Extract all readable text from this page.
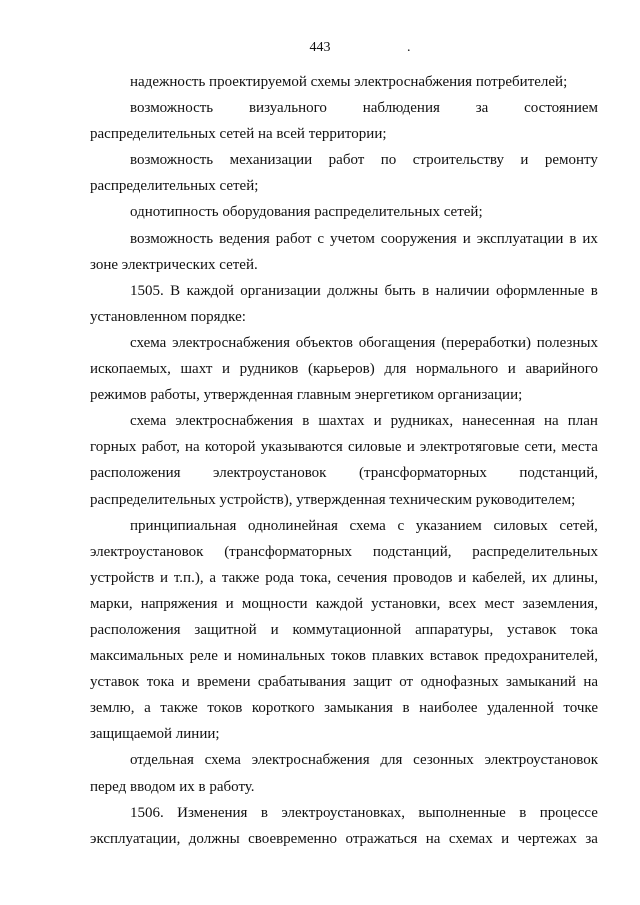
443	.
надежность проектируемой схемы электроснабжения потребителей;
возможность визуального наблюдения за состоянием
распределительных сетей на всей территории;
возможность механизации работ по строительству и ремонту
распределительных сетей;
однотипность оборудования распределительных сетей;
возможность ведения работ с учетом сооружения и эксплуатации в их
зоне электрических сетей.
1505. В каждой организации должны быть в наличии оформленные в
установленном порядке:
схема электроснабжения объектов обогащения (переработки) полезных
ископаемых, шахт и рудников (карьеров) для нормального и аварийного
режимов работы, утвержденная главным энергетиком организации;
схема электроснабжения в шахтах и рудниках, нанесенная на план
горных работ, на которой указываются силовые и электротяговые сети, места
расположения электроустановок (трансформаторных подстанций,
распределительных устройств), утвержденная техническим руководителем;
принципиальная однолинейная схема с указанием силовых сетей,
электроустановок (трансформаторных подстанций, распределительных
устройств и т.п.), а также рода тока, сечения проводов и кабелей, их длины,
марки, напряжения и мощности каждой установки, всех мест заземления,
расположения защитной и коммутационной аппаратуры, уставок тока
максимальных реле и номинальных токов плавких вставок предохранителей,
уставок тока и времени срабатывания защит от однофазных замыканий на
землю, а также токов короткого замыкания в наиболее удаленной точке
защищаемой линии;
отдельная схема электроснабжения для сезонных электроустановок
перед вводом их в работу.
1506. Изменения в электроустановках, выполненные в процессе
эксплуатации, должны своевременно отражаться на схемах и чертежах за
